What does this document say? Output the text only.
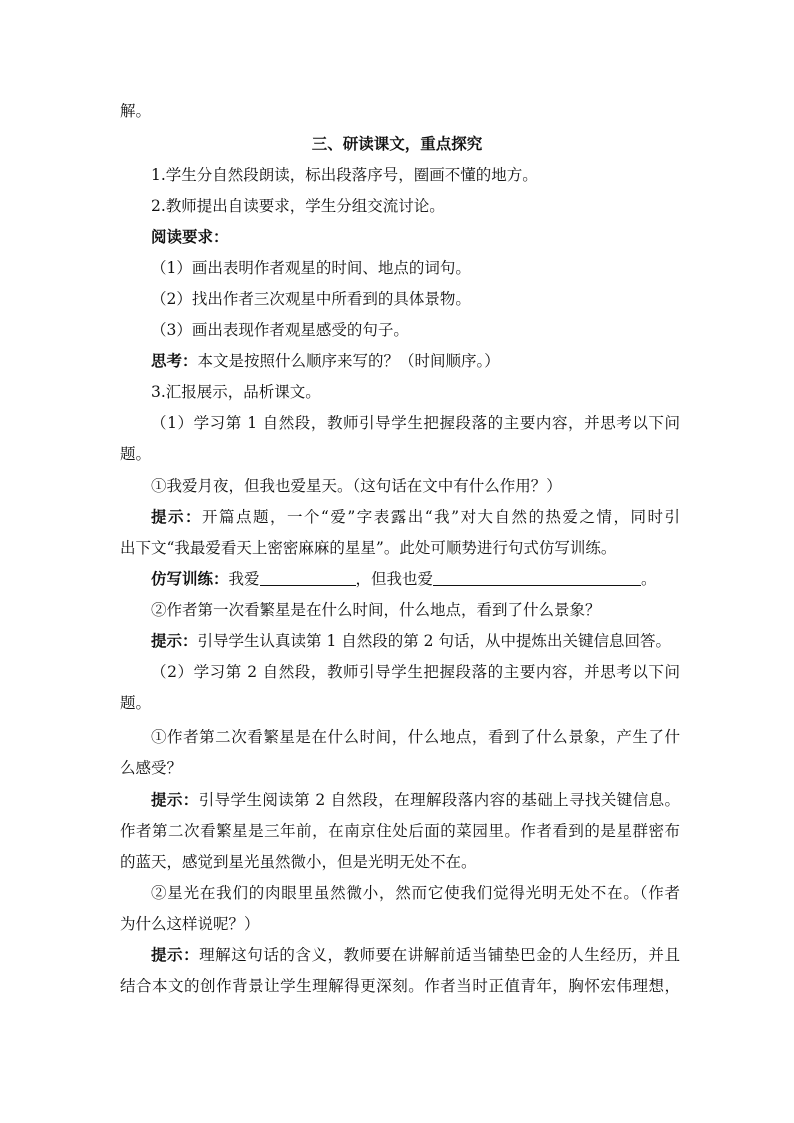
解。
三、研读课文，重点探究
1.学生分自然段朗读，标出段落序号，圈画不懂的地方。
2.教师提出自读要求，学生分组交流讨论。
阅读要求：
（1）画出表明作者观星的时间、地点的词句。
（2）找出作者三次观星中所看到的具体景物。
（3）画出表现作者观星感受的句子。
思考：本文是按照什么顺序来写的？（时间顺序。）
3.汇报展示，品析课文。
（1）学习第 1 自然段，教师引导学生把握段落的主要内容，并思考以下问
题。
①我爱月夜，但我也爱星天。（这句话在文中有什么作用？）
提示：开篇点题，一个“爱”字表露出“我”对大自然的热爱之情，同时引
出下文“我最爱看天上密密麻麻的星星”。此处可顺势进行句式仿写训练。
仿写训练：我爱	，但我也爱	。
②作者第一次看繁星是在什么时间，什么地点，看到了什么景象？
提示：引导学生认真读第 1 自然段的第 2 句话，从中提炼出关键信息回答。
（2）学习第 2 自然段，教师引导学生把握段落的主要内容，并思考以下问
题。
①作者第二次看繁星是在什么时间，什么地点，看到了什么景象，产生了什
么感受？
提示：引导学生阅读第 2 自然段，在理解段落内容的基础上寻找关键信息。
作者第二次看繁星是三年前，在南京住处后面的菜园里。作者看到的是星群密布
的蓝天，感觉到星光虽然微小，但是光明无处不在。
②星光在我们的肉眼里虽然微小，然而它使我们觉得光明无处不在。（作者
为什么这样说呢？）
提示：理解这句话的含义，教师要在讲解前适当铺垫巴金的人生经历，并且
结合本文的创作背景让学生理解得更深刻。作者当时正值青年，胸怀宏伟理想，
